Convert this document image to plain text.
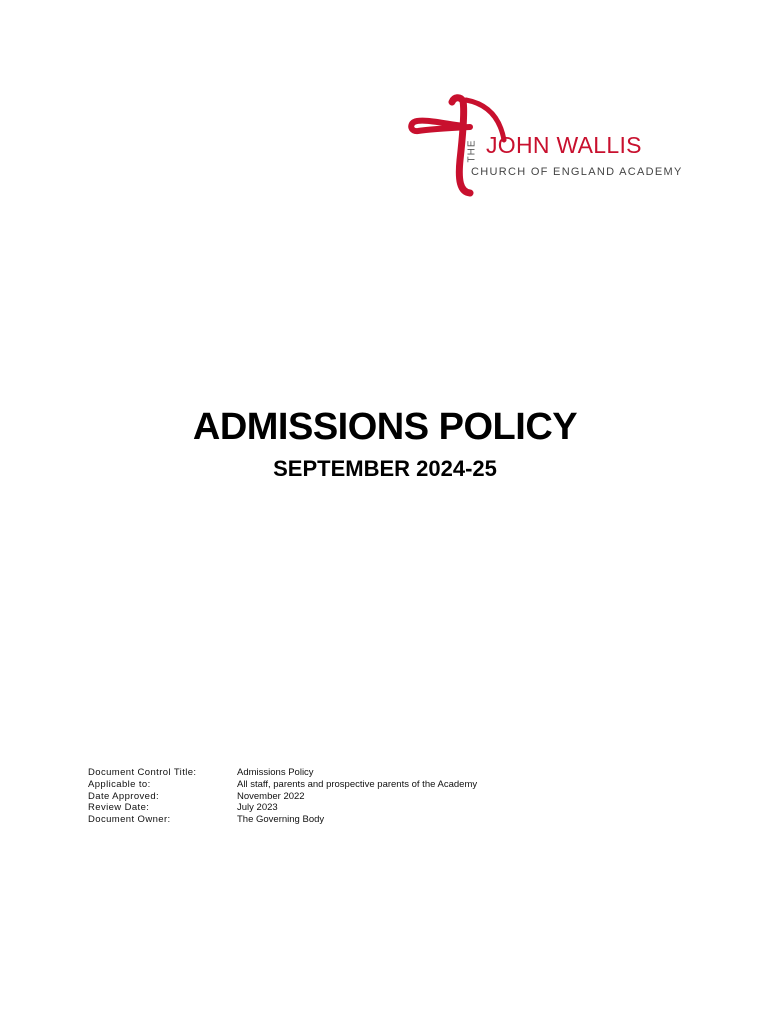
THE JOHN WALLIS
CHURCH OF ENGLAND ACADEMY
ADMISSIONS POLICY
SEPTEMBER 2024-25
Document Control Title:	Admissions Policy
Applicable to:	All staff, parents and prospective parents of the Academy
Date Approved:	November 2022
Review Date:	July 2023
Document Owner:	The Governing Body
